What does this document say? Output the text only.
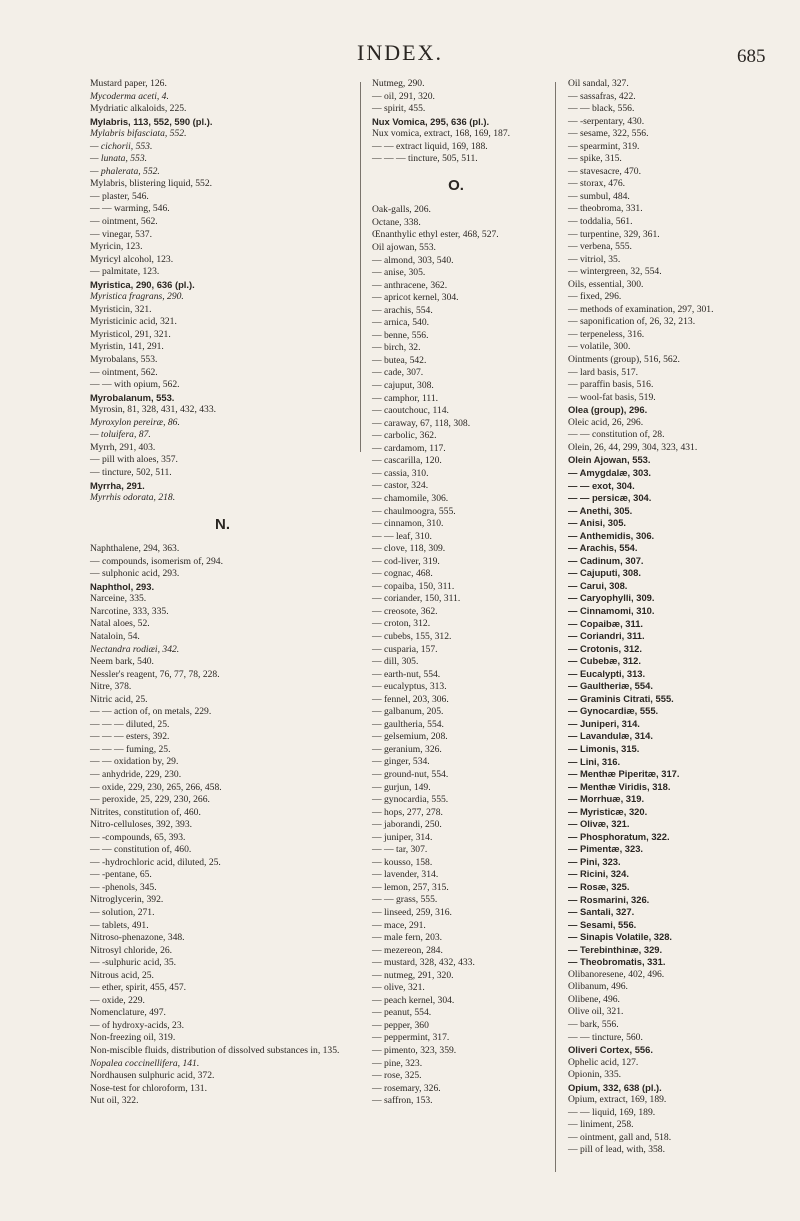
INDEX.	685
Mustard paper, 126.
Mycoderma aceti, 4.
Mydriatic alkaloids, 225.
Mylabris, 113, 552, 590 (pl.).
Mylabris bifasciata, 552.
— cichorii, 553.
— lunata, 553.
— phalerata, 552.
Mylabris, blistering liquid, 552.
— plaster, 546.
— — warming, 546.
— ointment, 562.
— vinegar, 537.
Myricin, 123.
Myricyl alcohol, 123.
— palmitate, 123.
Myristica, 290, 636 (pl.).
Myristica fragrans, 290.
Myristicin, 321.
Myristicinic acid, 321.
Myristicol, 291, 321.
Myristin, 141, 291.
Myrobalans, 553.
— ointment, 562.
— — with opium, 562.
Myrobalanum, 553.
Myrosin, 81, 328, 431, 432, 433.
Myroxylon pereiræ, 86.
— toluifera, 87.
Myrrh, 291, 403.
— pill with aloes, 357.
— tincture, 502, 511.
Myrrha, 291.
Myrrhis odorata, 218.
N.
Naphthalene, 294, 363.
— compounds, isomerism of, 294.
— sulphonic acid, 293.
Naphthol, 293.
Narceine, 335.
Narcotine, 333, 335.
Natal aloes, 52.
Nataloin, 54.
Nectandra rodiæi, 342.
Neem bark, 540.
Nessler's reagent, 76, 77, 78, 228.
Nitre, 378.
Nitric acid, 25.
— — action of, on metals, 229.
— — — diluted, 25.
— — — esters, 392.
— — — fuming, 25.
— — oxidation by, 29.
— anhydride, 229, 230.
— oxide, 229, 230, 265, 266, 458.
— peroxide, 25, 229, 230, 266.
Nitrites, constitution of, 460.
Nitro-celluloses, 392, 393.
— -compounds, 65, 393.
— — constitution of, 460.
— -hydrochloric acid, diluted, 25.
— -pentane, 65.
— -phenols, 345.
Nitroglycerin, 392.
— solution, 271.
— tablets, 491.
Nitroso-phenazone, 348.
Nitrosyl chloride, 26.
— -sulphuric acid, 35.
Nitrous acid, 25.
— ether, spirit, 455, 457.
— oxide, 229.
Nomenclature, 497.
— of hydroxy-acids, 23.
Non-freezing oil, 319.
Non-miscible fluids, distribution of dissolved substances in, 135.
Nopalea coccinellifera, 141.
Nordhausen sulphuric acid, 372.
Nose-test for chloroform, 131.
Nut oil, 322.
Nutmeg, 290.
— oil, 291, 320.
— spirit, 455.
Nux Vomica, 295, 636 (pl.).
Nux vomica, extract, 168, 169, 187.
— — extract liquid, 169, 188.
— — — tincture, 505, 511.
O.
Oak-galls, 206.
Octane, 338.
Œnanthylic ethyl ester, 468, 527.
Oil ajowan, 553.
— almond, 303, 540.
— anise, 305.
— anthracene, 362.
— apricot kernel, 304.
— arachis, 554.
— arnica, 540.
— benne, 556.
— birch, 32.
— butea, 542.
— cade, 307.
— cajuput, 308.
— camphor, 111.
— caoutchouc, 114.
— caraway, 67, 118, 308.
— carbolic, 362.
— cardamom, 117.
— cascarilla, 120.
— cassia, 310.
— castor, 324.
— chamomile, 306.
— chaulmoogra, 555.
— cinnamon, 310.
— — leaf, 310.
— clove, 118, 309.
— cod-liver, 319.
— cognac, 468.
— copaiba, 150, 311.
— coriander, 150, 311.
— creosote, 362.
— croton, 312.
— cubebs, 155, 312.
— cusparia, 157.
— dill, 305.
— earth-nut, 554.
— eucalyptus, 313.
— fennel, 203, 306.
— galbanum, 205.
— gaultheria, 554.
— gelsemium, 208.
— geranium, 326.
— ginger, 534.
— ground-nut, 554.
— gurjun, 149.
— gynocardia, 555.
— hops, 277, 278.
— jaborandi, 250.
— juniper, 314.
— — tar, 307.
— kousso, 158.
— lavender, 314.
— lemon, 257, 315.
— — grass, 555.
— linseed, 259, 316.
— mace, 291.
— male fern, 203.
— mezereon, 284.
— mustard, 328, 432, 433.
— nutmeg, 291, 320.
— olive, 321.
— peach kernel, 304.
— peanut, 554.
— pepper, 360
— peppermint, 317.
— pimento, 323, 359.
— pine, 323.
— rose, 325.
— rosemary, 326.
— saffron, 153.
Oil sandal, 327.
— sassafras, 422.
— — black, 556.
— -serpentary, 430.
— sesame, 322, 556.
— spearmint, 319.
— spike, 315.
— stavesacre, 470.
— storax, 476.
— sumbul, 484.
— theobroma, 331.
— toddalia, 561.
— turpentine, 329, 361.
— verbena, 555.
— vitriol, 35.
— wintergreen, 32, 554.
Oils, essential, 300.
— fixed, 296.
— methods of examination, 297, 301.
— saponification of, 26, 32, 213.
— terpeneless, 316.
— volatile, 300.
Ointments (group), 516, 562.
— lard basis, 517.
— paraffin basis, 516.
— wool-fat basis, 519.
Olea (group), 296.
Oleic acid, 26, 296.
— — constitution of, 28.
Olein, 26, 44, 299, 304, 323, 431.
Olein Ajowan, 553.
— Amygdalæ, 303.
— — exot, 304.
— — persicæ, 304.
— Anethi, 305.
— Anisi, 305.
— Anthemidis, 306.
— Arachis, 554.
— Cadinum, 307.
— Cajuputi, 308.
— Carui, 308.
— Caryophylli, 309.
— Cinnamomi, 310.
— Copaibæ, 311.
— Coriandri, 311.
— Crotonis, 312.
— Cubebæ, 312.
— Eucalypti, 313.
— Gaultheriæ, 554.
— Graminis Citrati, 555.
— Gynocardiæ, 555.
— Juniperi, 314.
— Lavandulæ, 314.
— Limonis, 315.
— Lini, 316.
— Menthæ Piperitæ, 317.
— Menthæ Viridis, 318.
— Morrhuæ, 319.
— Myristicæ, 320.
— Olivæ, 321.
— Phosphoratum, 322.
— Pimentæ, 323.
— Pini, 323.
— Ricini, 324.
— Rosæ, 325.
— Rosmarini, 326.
— Santali, 327.
— Sesami, 556.
— Sinapis Volatile, 328.
— Terebinthinæ, 329.
— Theobromatis, 331.
Olibanoresene, 402, 496.
Olibanum, 496.
Olibene, 496.
Olive oil, 321.
— bark, 556.
— — tincture, 560.
Oliveri Cortex, 556.
Ophelic acid, 127.
Opionin, 335.
Opium, 332, 638 (pl.).
Opium, extract, 169, 189.
— — liquid, 169, 189.
— liniment, 258.
— ointment, gall and, 518.
— pill of lead, with, 358.
